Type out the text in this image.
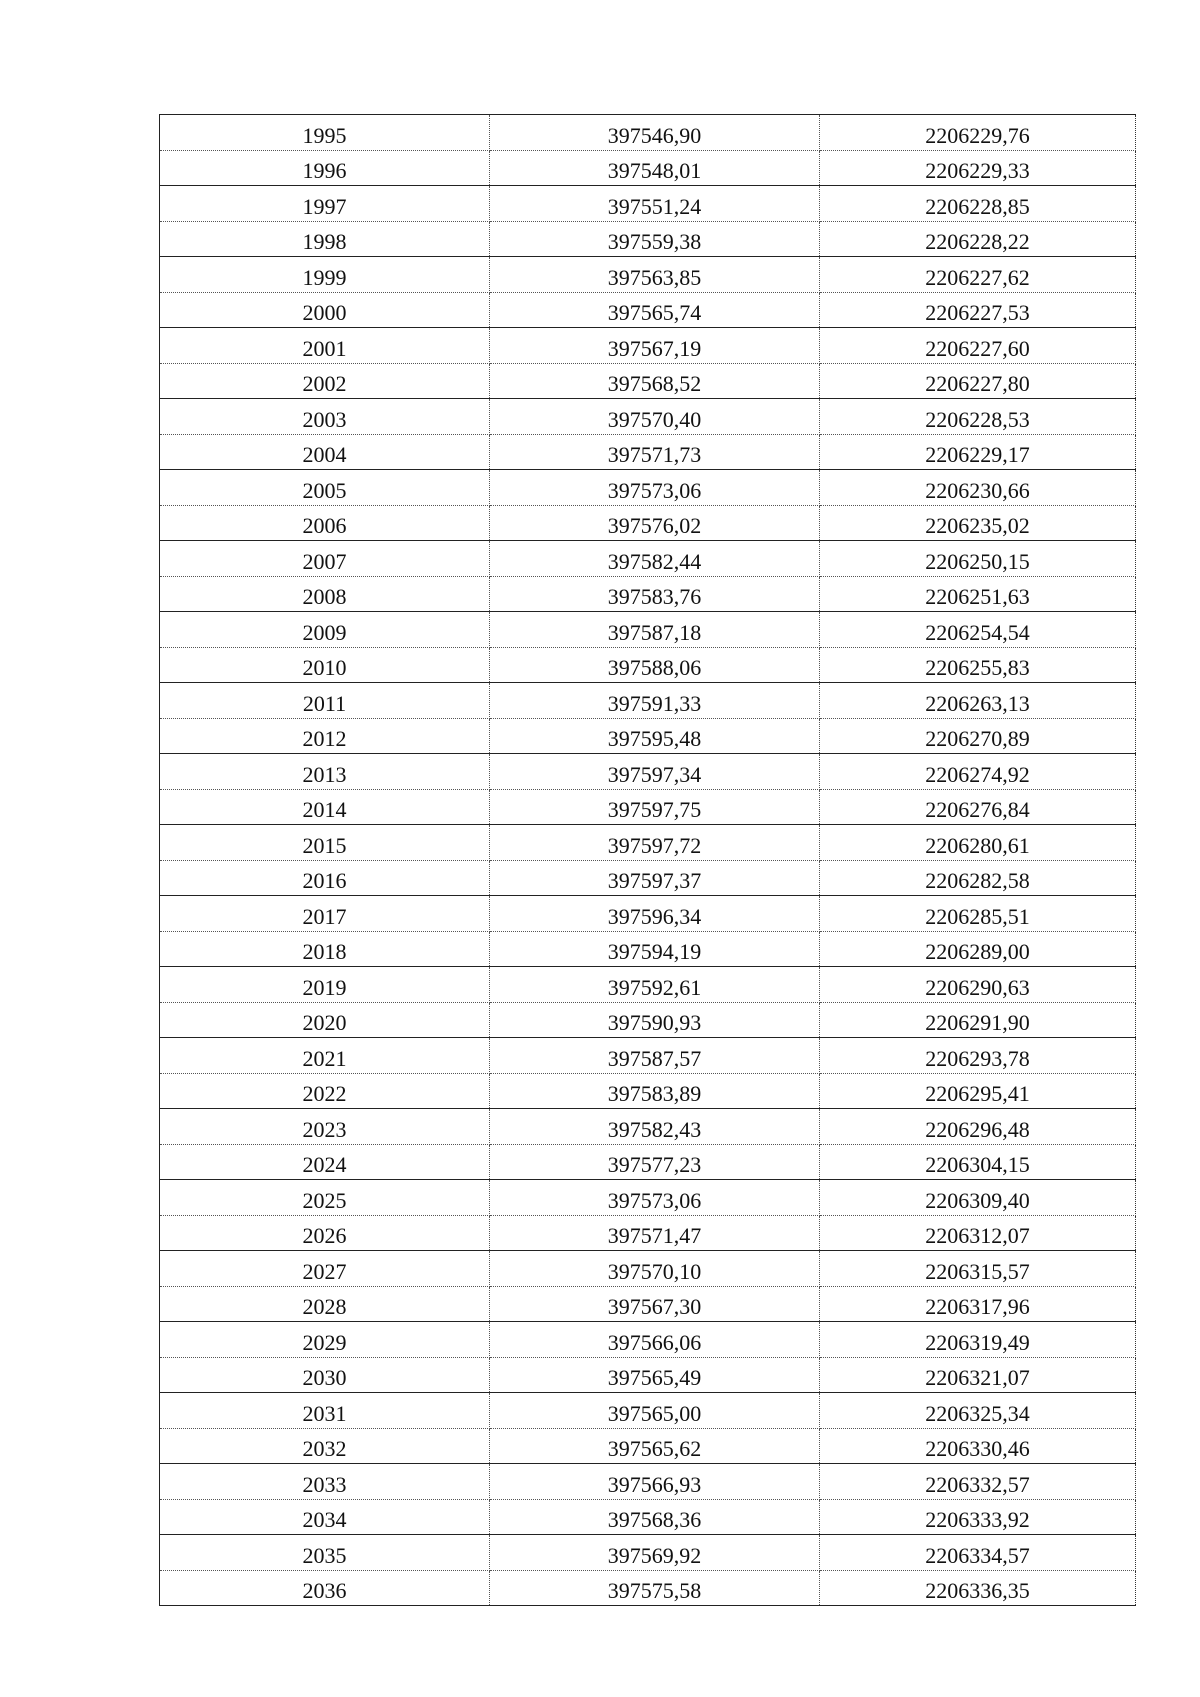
1995	397546,90	2206229,76
1996	397548,01	2206229,33
1997	397551,24	2206228,85
1998	397559,38	2206228,22
1999	397563,85	2206227,62
2000	397565,74	2206227,53
2001	397567,19	2206227,60
2002	397568,52	2206227,80
2003	397570,40	2206228,53
2004	397571,73	2206229,17
2005	397573,06	2206230,66
2006	397576,02	2206235,02
2007	397582,44	2206250,15
2008	397583,76	2206251,63
2009	397587,18	2206254,54
2010	397588,06	2206255,83
2011	397591,33	2206263,13
2012	397595,48	2206270,89
2013	397597,34	2206274,92
2014	397597,75	2206276,84
2015	397597,72	2206280,61
2016	397597,37	2206282,58
2017	397596,34	2206285,51
2018	397594,19	2206289,00
2019	397592,61	2206290,63
2020	397590,93	2206291,90
2021	397587,57	2206293,78
2022	397583,89	2206295,41
2023	397582,43	2206296,48
2024	397577,23	2206304,15
2025	397573,06	2206309,40
2026	397571,47	2206312,07
2027	397570,10	2206315,57
2028	397567,30	2206317,96
2029	397566,06	2206319,49
2030	397565,49	2206321,07
2031	397565,00	2206325,34
2032	397565,62	2206330,46
2033	397566,93	2206332,57
2034	397568,36	2206333,92
2035	397569,92	2206334,57
2036	397575,58	2206336,35
